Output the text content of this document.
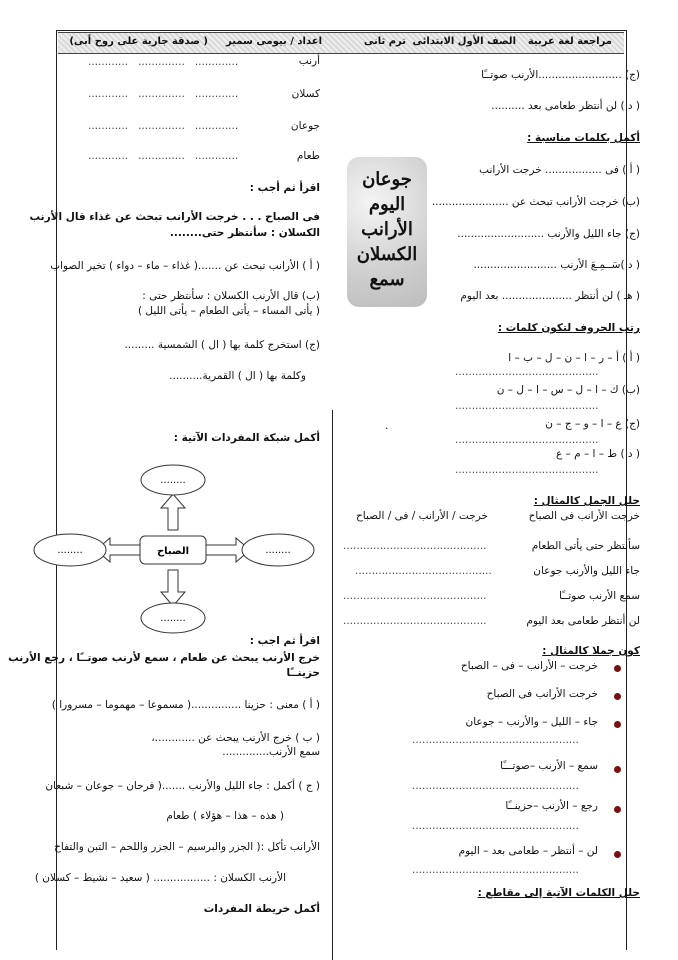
مراجعة لغة عربية
الصف الأول الابتدائى
ترم ثانى
اعداد / بيومى سمير
( صدقة جارية على روح أبى)
جوعان
اليوم
الأرانب
الكسلان
سمع
(ج) .........................الأرنب صوتــًا
( د ) لن أنتظر طعامى بعد ..........
أكمل بكلمات مناسبة :
( أ ) فى ................. خرجت الأرانب
(ب) خرجت الأرانب تبحث عن .......................
(ج) جاء الليل والأرنب ..........................
( د )سَــمِـعَ الأرنب .........................
( هـ ) لن أنتظر ..................... بعد اليوم
رتب الحروف لتكون كلمات :
( أ ) أ – ر – ا – ن – ل – ب – ا
...........................................
(ب) ك – ا – ل – س – ا – ل – ن
...........................................
(ج) ع – ا – و – ج – ن
.
...........................................
( د ) ط – ا – م – ع
...........................................
حلل الجمل كالمثال :
خرجت الأرانب فى الصباح
خرجت / الأرانب / فى / الصباح
سأنتظر حتى يأتى الطعام
...........................................
جاء الليل والأرنب جوعان
.........................................
سمع الأرنب صوتــًا
...........................................
لن أنتظر طعامى بعد اليوم
...........................................
كون جملا كالمثال :
خرجت – الأرانب – فى – الصباح
خرجت الأرانب فى الصباح
جاء – الليل – والأرنب – جوعان
..................................................
سمع – الأرنب –صوتـــًا
..................................................
رجع – الأرنب –حزينــًا
..................................................
لن – أنتظر – طعامى بعد – اليوم
..................................................
حلل الكلمات الآتية إلى مقاطع :
أرنب
.............   ..............   ............
كسلان
.............   ..............   ............
جوعان
.............   ..............   ............
طعام
.............   ..............   ............
اقرأ ثم أجب :
فى الصباح . . . خرجت الأرانب تبحث عن غذاء قال الأرنب
الكسلان : سأنتظر حتى........
( أ ) الأرانب تبحث عن .......( غذاء – ماء – دواء ) تخير الصواب
(ب) قال الأرنب الكسلان : سأنتظر حتى :
( يأتى المساء – يأتى الطعام – يأتى الليل )
(ج) استخرج كلمة بها ( ال ) الشمسية .........
وكلمة بها ( ال ) القمرية..........
أكمل شبكة المفردات الآتية :
الصباح
........
........
........	........
اقرأ ثم اجب :
خرج الأرنب يبحث عن طعام ، سمع لأرنب صوتــًا ، رجع الأرنب
حزينــًا
( أ ) معنى : حزينا ...............( مسموعا – مهموما – مسرورا )
( ب ) خرج الأرنب يبحث عن ............،
سمع الأرنب..............
( ج ) أكمل : جاء الليل والأرنب .......( فرحان – جوعان – شبعان
( هذه – هذا – هؤلاء ) طعام
الأرانب تأكل :( الجزر والبرسيم – الجزر واللحم – التبن والتفاح
الأرنب الكسلان : ................. ( سعيد – نشيط – كسلان )
أكمل خريطة المفردات
